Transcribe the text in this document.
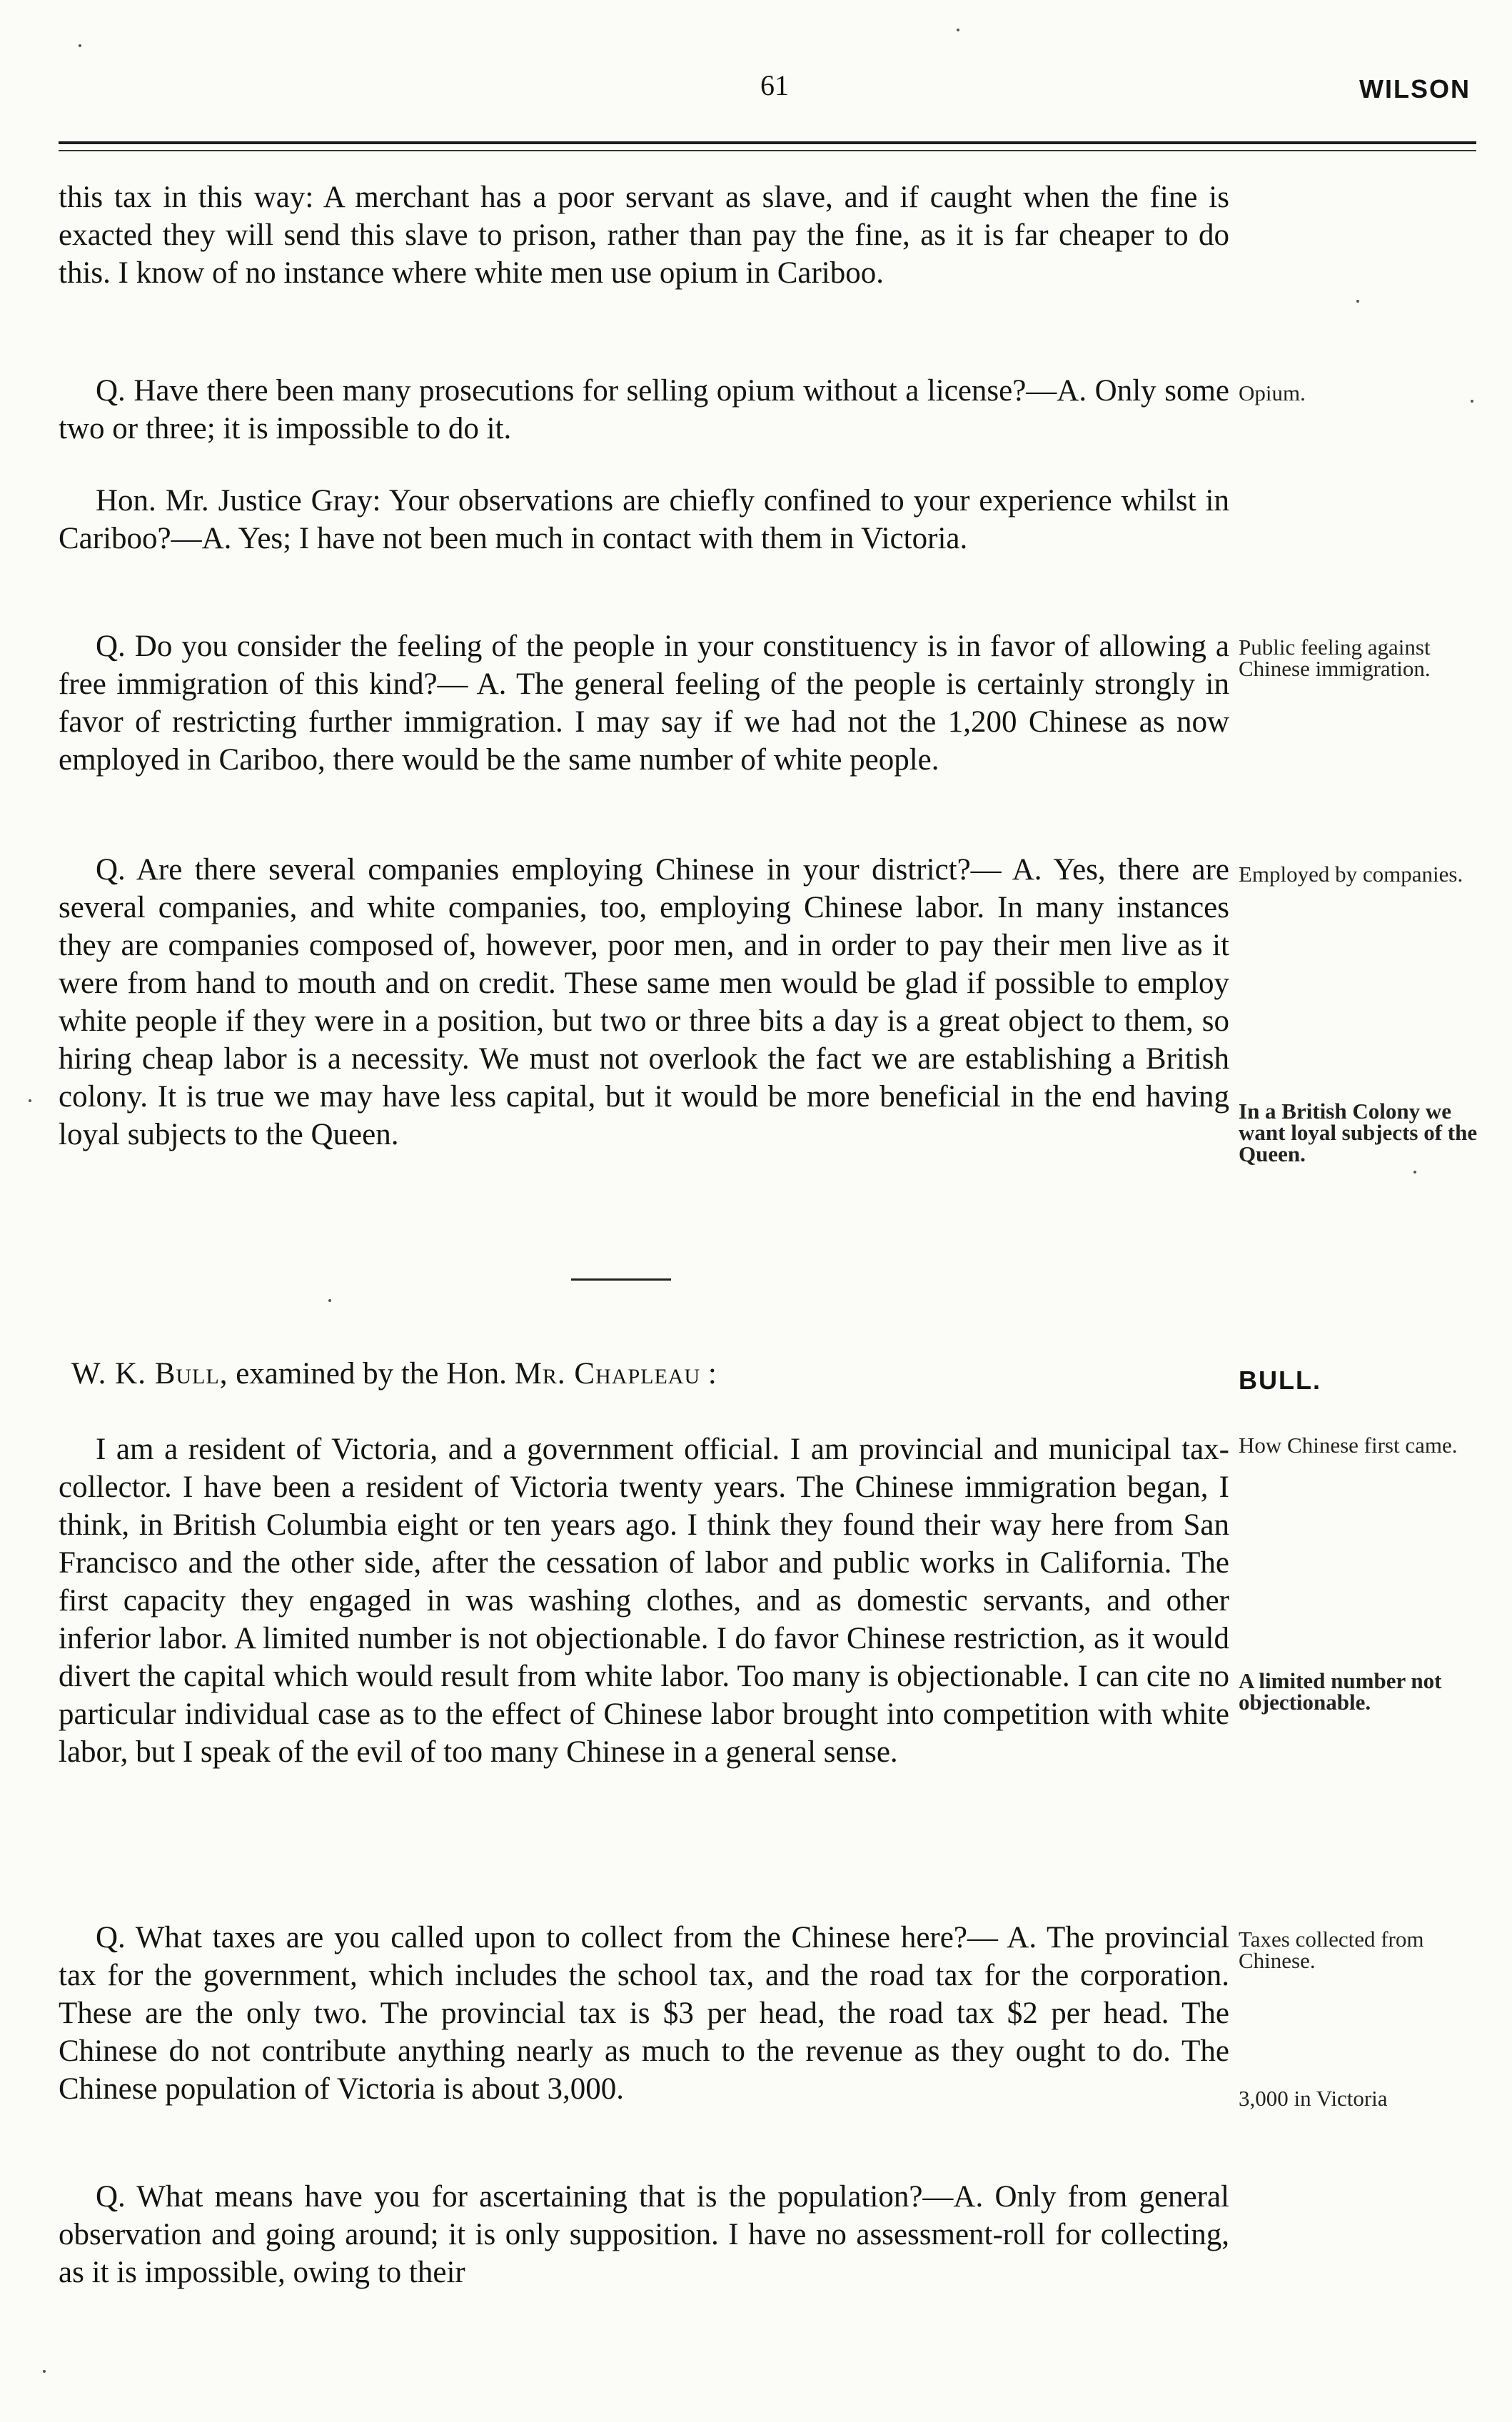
61	WILSON

this tax in this way: A merchant has a poor servant as slave, and if caught when the fine is exacted they will send this slave to prison, rather than pay the fine, as it is far cheaper to do this. I know of no instance where white men use opium in Cariboo.

Q. Have there been many prosecutions for selling opium without a license?—A. Only some two or three; it is impossible to do it.

Hon. Mr. Justice Gray: Your observations are chiefly confined to your experience whilst in Cariboo?—A. Yes; I have not been much in contact with them in Victoria.

Q. Do you consider the feeling of the people in your constituency is in favor of allowing a free immigration of this kind?— A. The general feeling of the people is certainly strongly in favor of restricting further immigration. I may say if we had not the 1,200 Chinese as now employed in Cariboo, there would be the same number of white people.

Q. Are there several companies employing Chinese in your district?— A. Yes, there are several companies, and white companies, too, employing Chinese labor. In many instances they are companies composed of, however, poor men, and in order to pay their men live as it were from hand to mouth and on credit. These same men would be glad if possible to employ white people if they were in a position, but two or three bits a day is a great object to them, so hiring cheap labor is a necessity. We must not overlook the fact we are establishing a British colony. It is true we may have less capital, but it would be more beneficial in the end having loyal subjects to the Queen.

W. K. Bull, examined by the Hon. Mr. Chapleau :	BULL.

I am a resident of Victoria, and a government official. I am provincial and municipal tax-collector. I have been a resident of Victoria twenty years. The Chinese immigration began, I think, in British Columbia eight or ten years ago. I think they found their way here from San Francisco and the other side, after the cessation of labor and public works in California. The first capacity they engaged in was washing clothes, and as domestic servants, and other inferior labor. A limited number is not objectionable. I do favor Chinese restriction, as it would divert the capital which would result from white labor. Too many is objectionable. I can cite no particular individual case as to the effect of Chinese labor brought into competition with white labor, but I speak of the evil of too many Chinese in a general sense.

Q. What taxes are you called upon to collect from the Chinese here?— A. The provincial tax for the government, which includes the school tax, and the road tax for the corporation. These are the only two. The provincial tax is $3 per head, the road tax $2 per head. The Chinese do not contribute anything nearly as much to the revenue as they ought to do. The Chinese population of Victoria is about 3,000.

Q. What means have you for ascertaining that is the population?—A. Only from general observation and going around; it is only supposition. I have no assessment-roll for collecting, as it is impossible, owing to their

Opium.
Public feeling against Chinese immigration.
Employed by companies.
In a British Colony we want loyal subjects of the Queen.
How Chinese first came.
A limited number not objectionable.
Taxes collected from Chinese.
3,000 in Victoria
